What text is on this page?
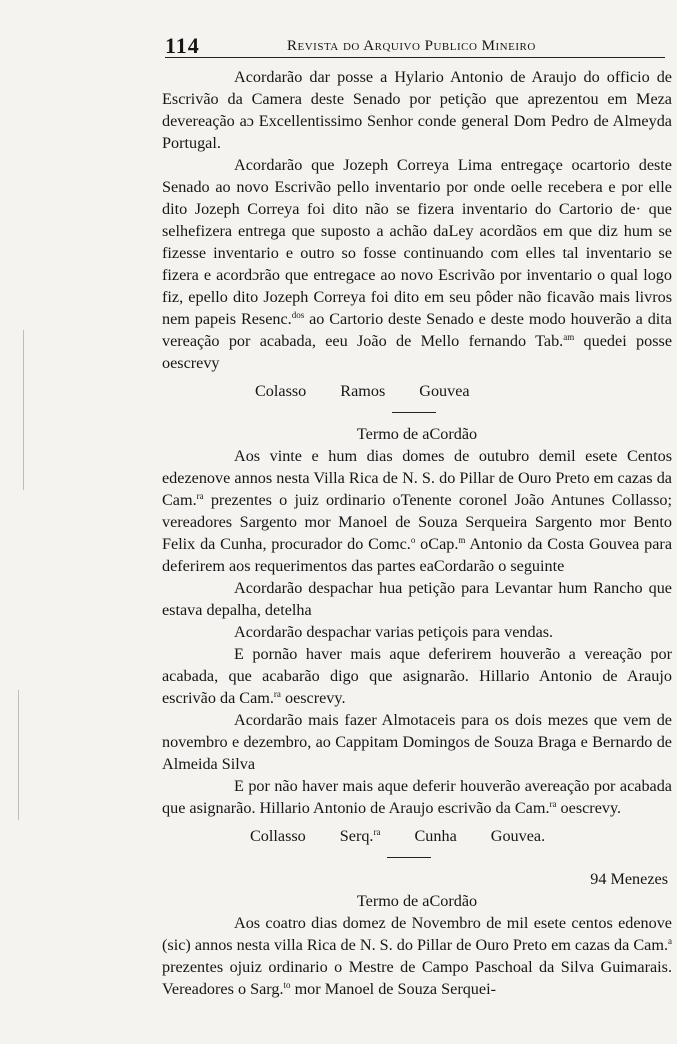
114	Revista do Arquivo Publico Mineiro

Acordarão dar posse a Hylario Antonio de Araujo do officio de Escrivão da Camera deste Senado por petição que aprezentou em Meza devereação aɔ Excellentissimo Senhor conde general Dom Pedro de Almeyda Portugal.

Acordarão que Jozeph Correya Lima entregaçe ocartorio deste Senado ao novo Escrivão pello inventario por onde oelle recebera e por elle dito Jozeph Correya foi dito não se fizera inventario do Cartorio de· que selhefizera entrega que suposto a achão daLey acordãos em que diz hum se fizesse inventario e outro so fosse continuando com elles tal inventario se fizera e acordɔrão que entregace ao novo Escrivão por inventario o qual logo fiz, epello dito Jozeph Correya foi dito em seu pôder não ficavão mais livros nem papeis Resenc.$^{dos}$ ao Cartorio deste Senado e deste modo houverão a dita vereação por acabada, eeu João de Mello fernando Tab.$^{am}$ quedei posse oescrevy

Colasso Ramos Gouvea

Termo de aCordão

Aos vinte e hum dias domes de outubro demil esete Centos edezenove annos nesta Villa Rica de N. S. do Pillar de Ouro Preto em cazas da Cam.$^{ra}$ prezentes o juiz ordinario oTenente coronel João Antunes Collasso; vereadores Sargento mor Manoel de Souza Serqueira Sargento mor Bento Felix da Cunha, procurador do Comc.$^o$ oCap.$^m$ Antonio da Costa Gouvea para deferirem aos requerimentos das partes eaCordarão o seguinte

Acordarão despachar hua petição para Levantar hum Rancho que estava depalha, detelha

Acordarão despachar varias petiçois para vendas.

E pornão haver mais aque deferirem houverão a vereação por acabada, que acabarão digo que asignarão. Hillario Antonio de Araujo escrivão da Cam.$^{ra}$ oescrevy.

Acordarão mais fazer Almotaceis para os dois mezes que vem de novembro e dezembro, ao Cappitam Domingos de Souza Braga e Bernardo de Almeida Silva

E por não haver mais aque deferir houverão avereação por acabada que asignarão. Hillario Antonio de Araujo escrivão da Cam.$^{ra}$ oescrevy.

Collasso Serq.$^{ra}$ Cunha Gouvea.
94 Menezes

Termo de aCordão

Aos coatro dias domez de Novembro de mil esete centos edenove (sic) annos nesta villa Rica de N. S. do Pillar de Ouro Preto em cazas da Cam.$^a$ prezentes ojuiz ordinario o Mestre de Campo Paschoal da Silva Guimarais. Vereadores o Sarg.$^{to}$ mor Manoel de Souza Serquei-
